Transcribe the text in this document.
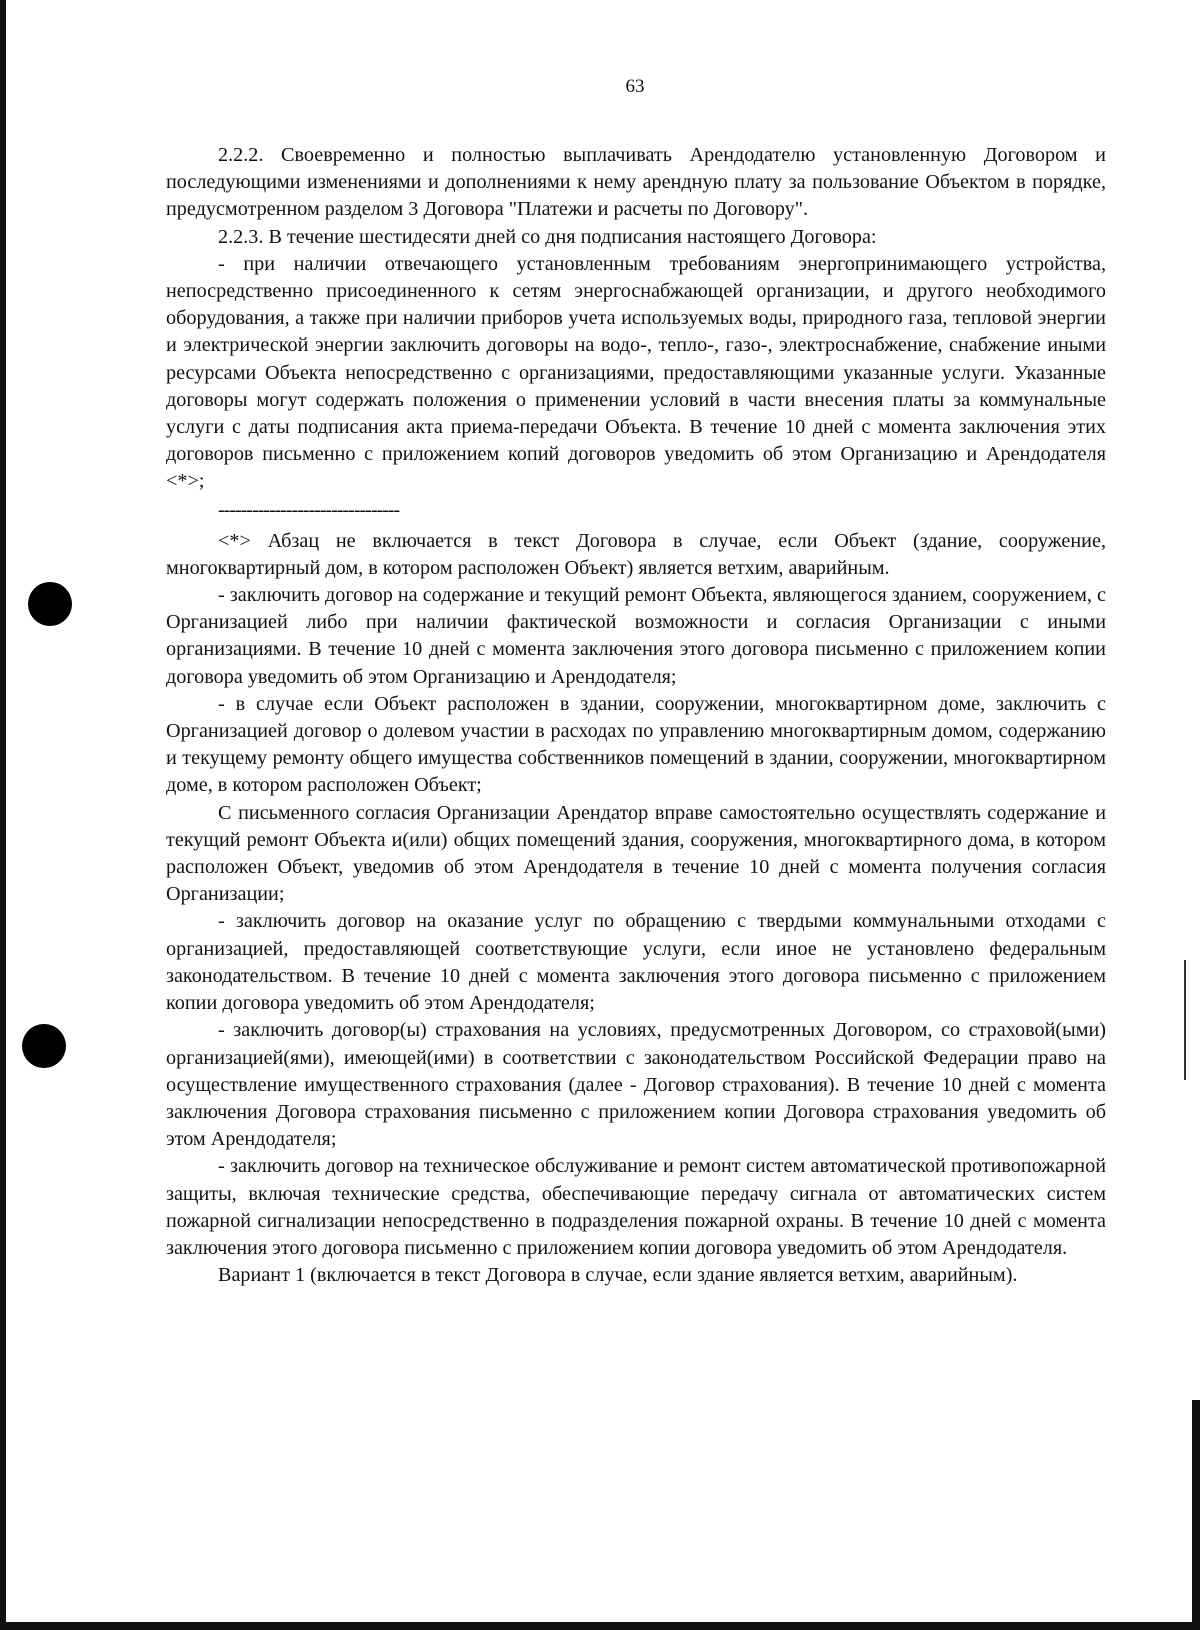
63

2.2.2. Своевременно и полностью выплачивать Арендодателю установленную Договором и последующими изменениями и дополнениями к нему арендную плату за пользование Объектом в порядке, предусмотренном разделом 3 Договора "Платежи и расчеты по Договору".

2.2.3. В течение шестидесяти дней со дня подписания настоящего Договора:

- при наличии отвечающего установленным требованиям энергопринимающего устройства, непосредственно присоединенного к сетям энергоснабжающей организации, и другого необходимого оборудования, а также при наличии приборов учета используемых воды, природного газа, тепловой энергии и электрической энергии заключить договоры на водо-, тепло-, газо-, электроснабжение, снабжение иными ресурсами Объекта непосредственно с организациями, предоставляющими указанные услуги. Указанные договоры могут содержать положения о применении условий в части внесения платы за коммунальные услуги с даты подписания акта приема-передачи Объекта. В течение 10 дней с момента заключения этих договоров письменно с приложением копий договоров уведомить об этом Организацию и Арендодателя <*>;

--------------------------------

<*> Абзац не включается в текст Договора в случае, если Объект (здание, сооружение, многоквартирный дом, в котором расположен Объект) является ветхим, аварийным.

- заключить договор на содержание и текущий ремонт Объекта, являющегося зданием, сооружением, с Организацией либо при наличии фактической возможности и согласия Организации с иными организациями. В течение 10 дней с момента заключения этого договора письменно с приложением копии договора уведомить об этом Организацию и Арендодателя;

- в случае если Объект расположен в здании, сооружении, многоквартирном доме, заключить с Организацией договор о долевом участии в расходах по управлению многоквартирным домом, содержанию и текущему ремонту общего имущества собственников помещений в здании, сооружении, многоквартирном доме, в котором расположен Объект;

С письменного согласия Организации Арендатор вправе самостоятельно осуществлять содержание и текущий ремонт Объекта и(или) общих помещений здания, сооружения, многоквартирного дома, в котором расположен Объект, уведомив об этом Арендодателя в течение 10 дней с момента получения согласия Организации;

- заключить договор на оказание услуг по обращению с твердыми коммунальными отходами с организацией, предоставляющей соответствующие услуги, если иное не установлено федеральным законодательством. В течение 10 дней с момента заключения этого договора письменно с приложением копии договора уведомить об этом Арендодателя;

- заключить договор(ы) страхования на условиях, предусмотренных Договором, со страховой(ыми) организацией(ями), имеющей(ими) в соответствии с законодательством Российской Федерации право на осуществление имущественного страхования (далее - Договор страхования). В течение 10 дней с момента заключения Договора страхования письменно с приложением копии Договора страхования уведомить об этом Арендодателя;

- заключить договор на техническое обслуживание и ремонт систем автоматической противопожарной защиты, включая технические средства, обеспечивающие передачу сигнала от автоматических систем пожарной сигнализации непосредственно в подразделения пожарной охраны. В течение 10 дней с момента заключения этого договора письменно с приложением копии договора уведомить об этом Арендодателя.

Вариант 1 (включается в текст Договора в случае, если здание является ветхим, аварийным).
